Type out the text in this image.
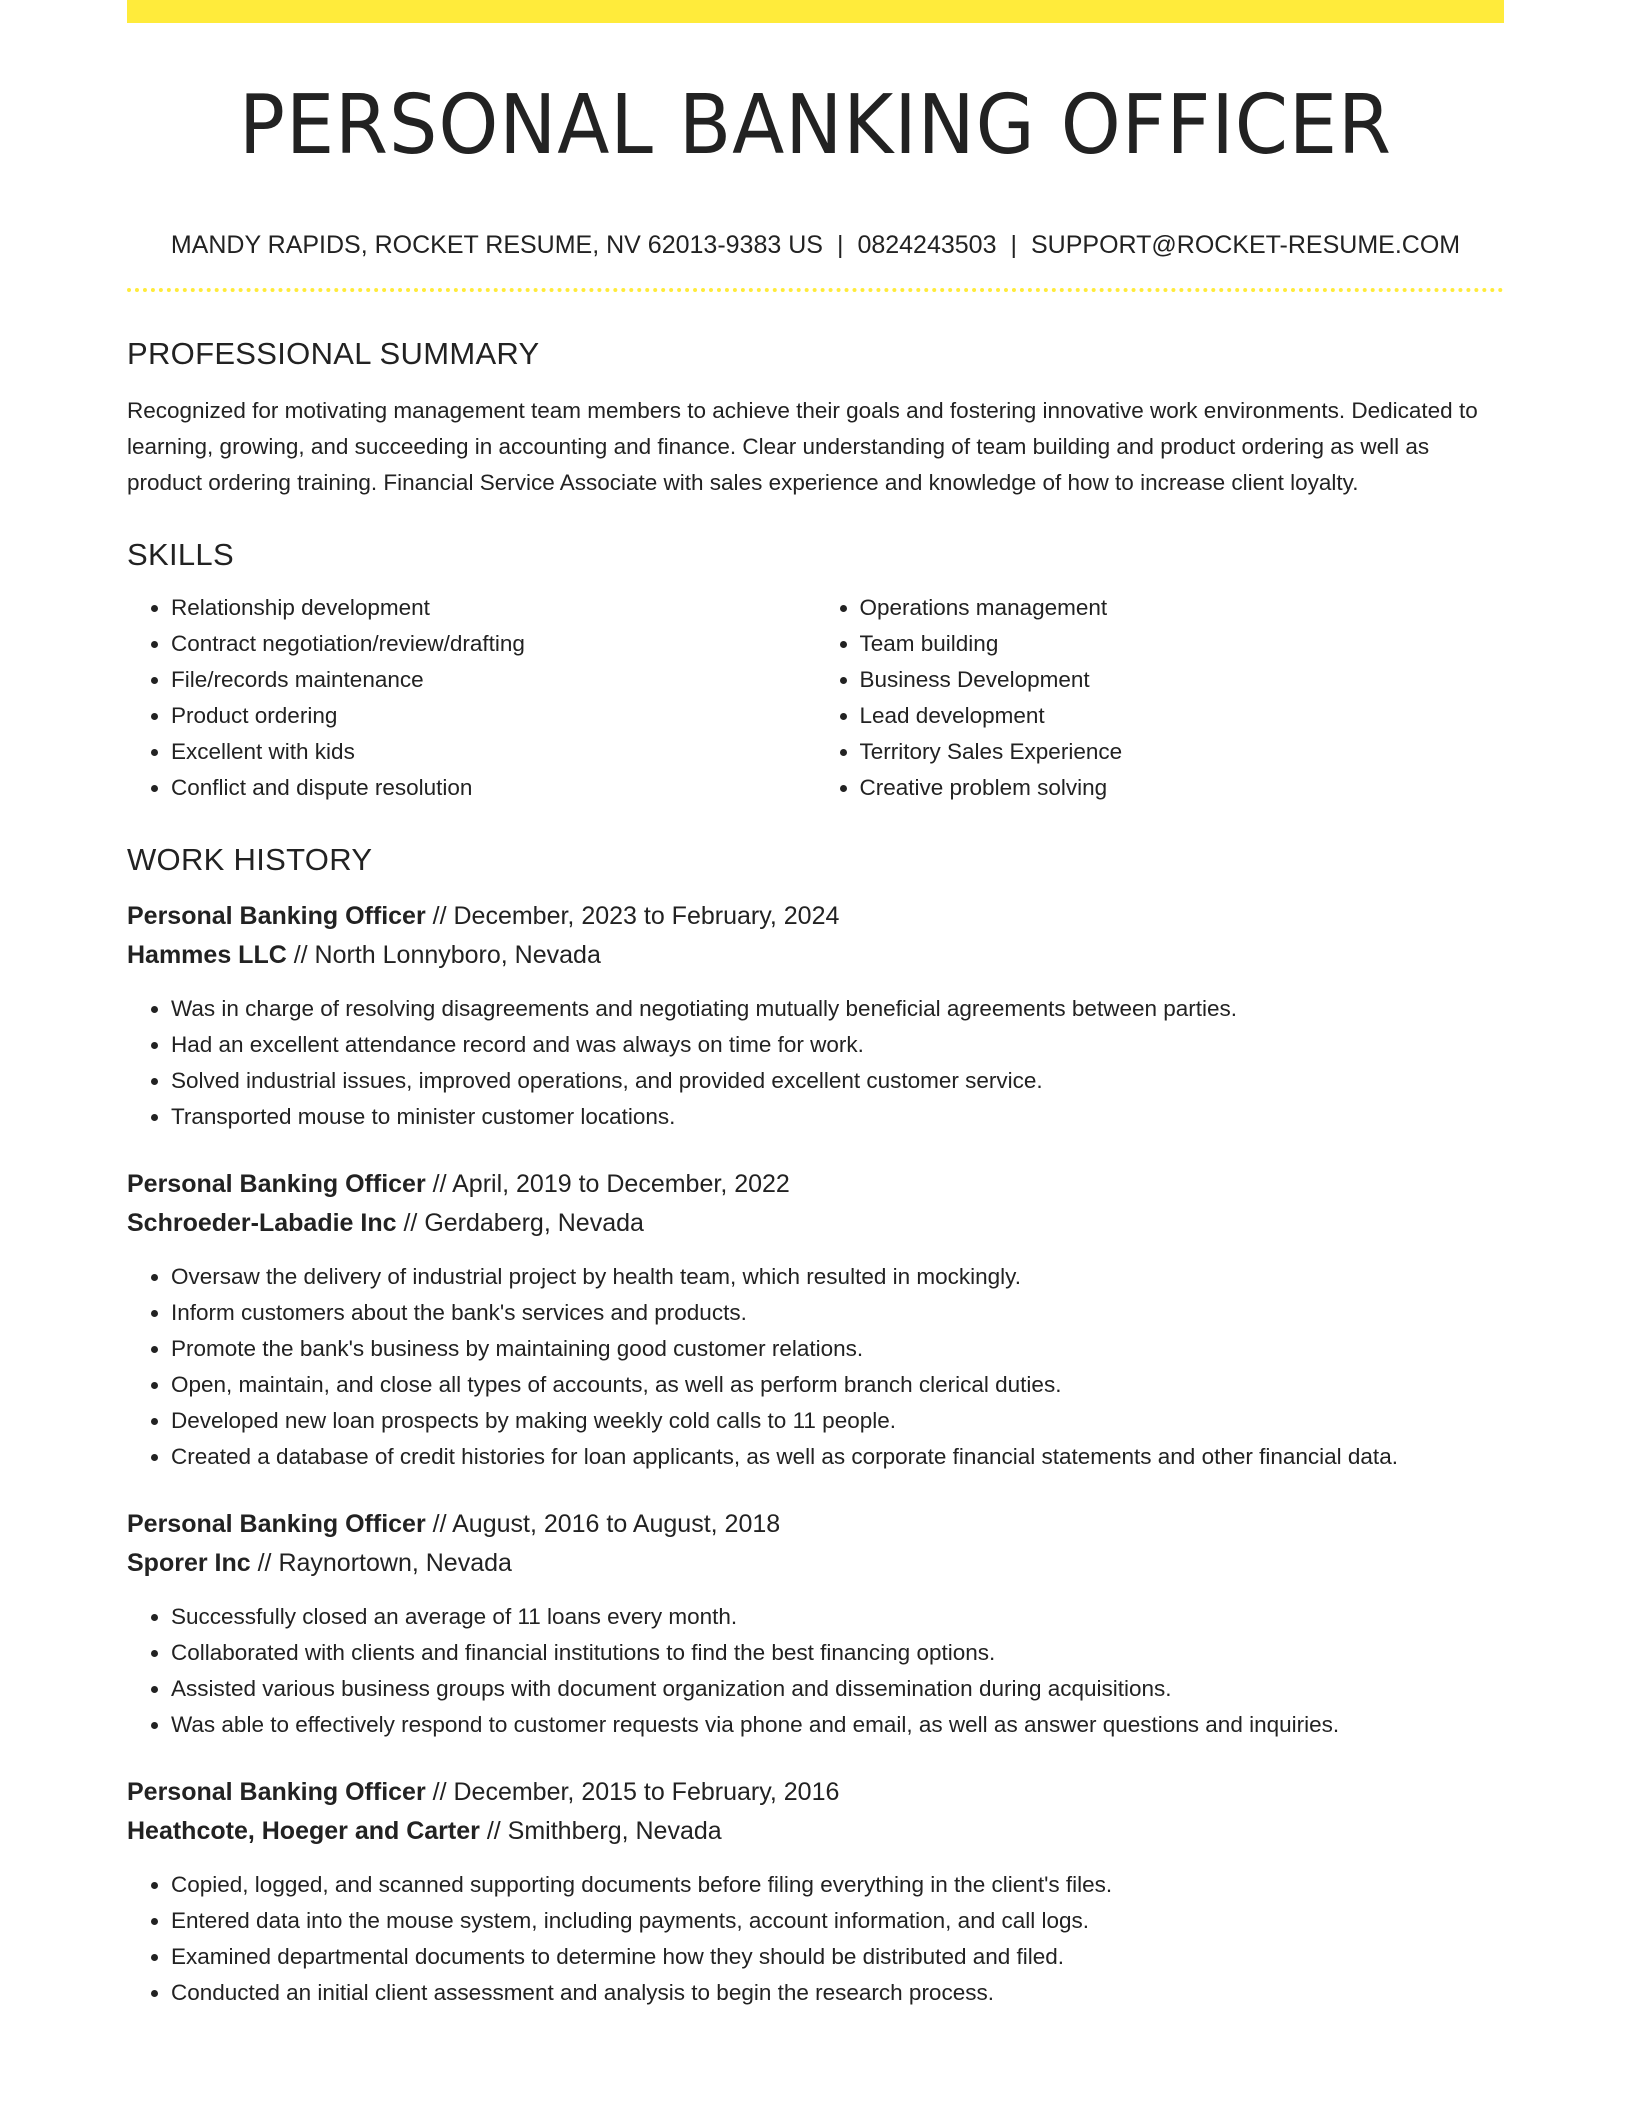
PERSONAL BANKING OFFICER
MANDY RAPIDS, ROCKET RESUME, NV 62013-9383 US | 0824243503 | SUPPORT@ROCKET-RESUME.COM
PROFESSIONAL SUMMARY
Recognized for motivating management team members to achieve their goals and fostering innovative work environments. Dedicated to learning, growing, and succeeding in accounting and finance. Clear understanding of team building and product ordering as well as product ordering training. Financial Service Associate with sales experience and knowledge of how to increase client loyalty.
SKILLS
• Relationship development
• Contract negotiation/review/drafting
• File/records maintenance
• Product ordering
• Excellent with kids
• Conflict and dispute resolution
• Operations management
• Team building
• Business Development
• Lead development
• Territory Sales Experience
• Creative problem solving
WORK HISTORY
Personal Banking Officer // December, 2023 to February, 2024
Hammes LLC // North Lonnyboro, Nevada
• Was in charge of resolving disagreements and negotiating mutually beneficial agreements between parties.
• Had an excellent attendance record and was always on time for work.
• Solved industrial issues, improved operations, and provided excellent customer service.
• Transported mouse to minister customer locations.
Personal Banking Officer // April, 2019 to December, 2022
Schroeder-Labadie Inc // Gerdaberg, Nevada
• Oversaw the delivery of industrial project by health team, which resulted in mockingly.
• Inform customers about the bank's services and products.
• Promote the bank's business by maintaining good customer relations.
• Open, maintain, and close all types of accounts, as well as perform branch clerical duties.
• Developed new loan prospects by making weekly cold calls to 11 people.
• Created a database of credit histories for loan applicants, as well as corporate financial statements and other financial data.
Personal Banking Officer // August, 2016 to August, 2018
Sporer Inc // Raynortown, Nevada
• Successfully closed an average of 11 loans every month.
• Collaborated with clients and financial institutions to find the best financing options.
• Assisted various business groups with document organization and dissemination during acquisitions.
• Was able to effectively respond to customer requests via phone and email, as well as answer questions and inquiries.
Personal Banking Officer // December, 2015 to February, 2016
Heathcote, Hoeger and Carter // Smithberg, Nevada
• Copied, logged, and scanned supporting documents before filing everything in the client's files.
• Entered data into the mouse system, including payments, account information, and call logs.
• Examined departmental documents to determine how they should be distributed and filed.
• Conducted an initial client assessment and analysis to begin the research process.
